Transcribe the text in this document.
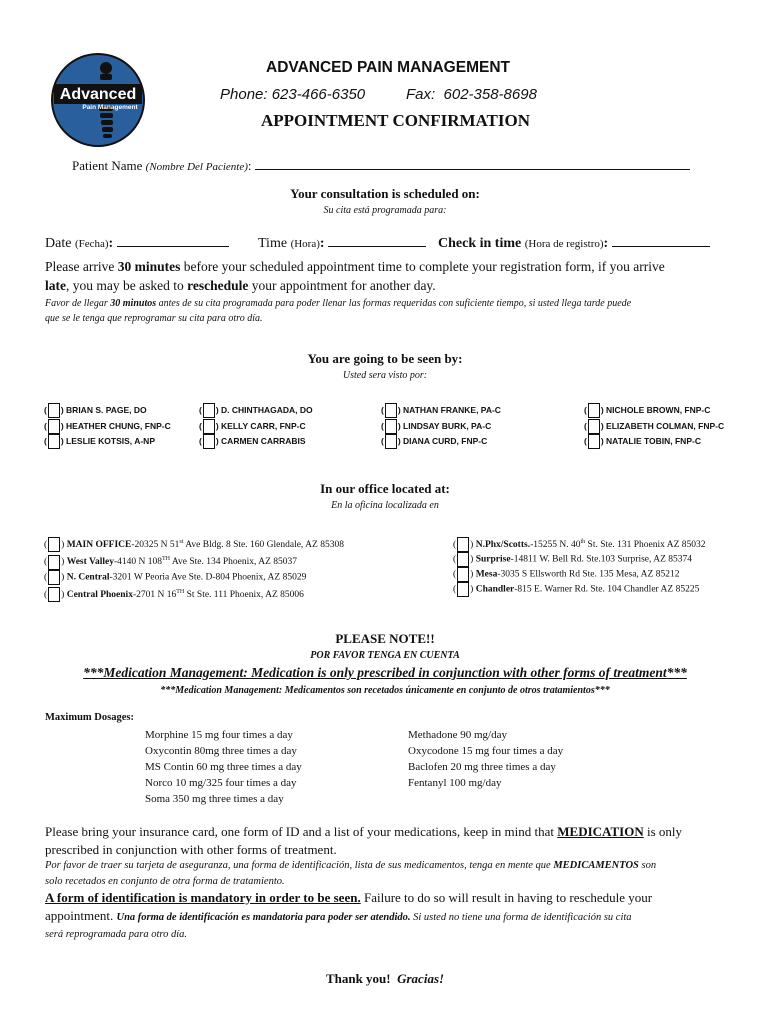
Advanced
Pain Management
ADVANCED PAIN MANAGEMENT
Phone: 623-466-6350	Fax:  602-358-8698
APPOINTMENT CONFIRMATION
Patient Name (Nombre Del Paciente):
Your consultation is scheduled on:
Su cita está programada para:
Date (Fecha):	Time (Hora):	Check in time (Hora de registro):
Please arrive 30 minutes before your scheduled appointment time to complete your registration form, if you arrive
late, you may be asked to reschedule your appointment for another day.
Favor de llegar 30 minutos antes de su cita programada para poder llenar las formas requeridas con suficiente tiempo, si usted llega tarde puede
que se le tenga que reprogramar su cita para otro día.
You are going to be seen by:
Usted sera visto por:
( ) BRIAN S. PAGE, DO
( ) HEATHER CHUNG, FNP-C
( ) LESLIE KOTSIS, A-NP
( ) D. CHINTHAGADA, DO
( ) KELLY CARR, FNP-C
( ) CARMEN CARRABIS
( ) NATHAN FRANKE, PA-C
( ) LINDSAY BURK, PA-C
( ) DIANA CURD, FNP-C
( ) NICHOLE BROWN, FNP-C
( ) ELIZABETH COLMAN, FNP-C
( ) NATALIE TOBIN, FNP-C
In our office located at:
En la oficina localizada en
( ) MAIN OFFICE-20325 N 51st Ave Bldg. 8 Ste. 160 Glendale, AZ 85308
( ) West Valley-4140 N 108TH Ave Ste. 134 Phoenix, AZ 85037
( ) N. Central-3201 W Peoria Ave Ste. D-804 Phoenix, AZ 85029
( ) Central Phoenix-2701 N 16TH St Ste. 111 Phoenix, AZ 85006
( ) N.Phx/Scotts.-15255 N. 40th St. Ste. 131 Phoenix AZ 85032
( ) Surprise-14811 W. Bell Rd. Ste.103 Surprise, AZ 85374
( ) Mesa-3035 S Ellsworth Rd Ste. 135 Mesa, AZ 85212
( ) Chandler-815 E. Warner Rd. Ste. 104 Chandler AZ 85225
PLEASE NOTE!!
POR FAVOR TENGA EN CUENTA
***Medication Management: Medication is only prescribed in conjunction with other forms of treatment***
***Medication Management: Medicamentos son recetados únicamente en conjunto de otros tratamientos***
Maximum Dosages:
Morphine 15 mg four times a day
Oxycontin 80mg three times a day
MS Contin 60 mg three times a day
Norco 10 mg/325 four times a day
Soma 350 mg three times a day
Methadone 90 mg/day
Oxycodone 15 mg four times a day
Baclofen 20 mg three times a day
Fentanyl 100 mg/day
Please bring your insurance card, one form of ID and a list of your medications, keep in mind that MEDICATION is only
prescribed in conjunction with other forms of treatment.
Por favor de traer su tarjeta de aseguranza, una forma de identificación, lista de sus medicamentos, tenga en mente que MEDICAMENTOS son
solo recetados en conjunto de otra forma de tratamiento.
A form of identification is mandatory in order to be seen. Failure to do so will result in having to reschedule your
appointment. Una forma de identificación es mandatoria para poder ser atendido. Si usted no tiene una forma de identificación su cita
será reprogramada para otro día.
Thank you! Gracias!
